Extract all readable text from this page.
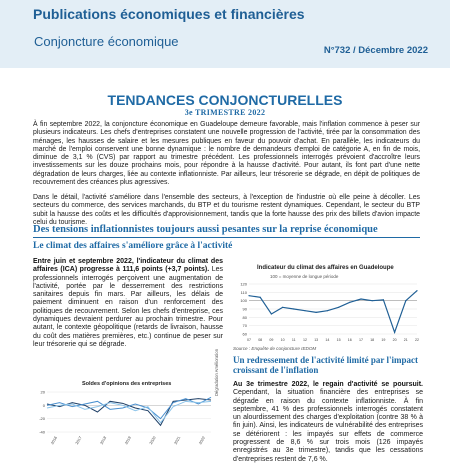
Publications économiques et financières
Conjoncture économique
N°732 / Décembre 2022
TENDANCES CONJONCTURELLES
3e TRIMESTRE 2022

À fin septembre 2022, la conjoncture économique en Guadeloupe demeure favorable, mais l'inflation commence à peser sur plusieurs indicateurs. Les chefs d'entreprises constatent une nouvelle progression de l'activité, tirée par la consommation des ménages, les hausses de salaire et les mesures publiques en faveur du pouvoir d'achat. En parallèle, les indicateurs du marché de l'emploi conservent une bonne dynamique : le nombre de demandeurs d'emploi de catégorie A, en fin de mois, diminue de 3,1 % (CVS) par rapport au trimestre précédent. Les professionnels interrogés prévoient d'accroître leurs investissements sur les douze prochains mois, pour répondre à la hausse d'activité. Pour autant, ils font part d'une nette dégradation de leurs charges, liée au contexte inflationniste. Par ailleurs, leur trésorerie se dégrade, en dépit de politiques de recouvrement des créances plus agressives.

Dans le détail, l'activité s'améliore dans l'ensemble des secteurs, à l'exception de l'industrie où elle peine à décoller. Les secteurs du commerce, des services marchands, du BTP et du tourisme restent dynamiques. Cependant, le secteur du BTP subit la hausse des coûts et les difficultés d'approvisionnement, tandis que la forte hausse des prix des billets d'avion impacte celui du tourisme.

Des tensions inflationnistes toujours aussi pesantes sur la reprise économique
Le climat des affaires s'améliore grâce à l'activité

Entre juin et septembre 2022, l'indicateur du climat des affaires (ICA) progresse à 111,6 points (+3,7 points). Les professionnels interrogés perçoivent une augmentation de l'activité, portée par le desserrement des restrictions sanitaires depuis fin mars. Par ailleurs, les délais de paiement diminuent en raison d'un renforcement des politiques de recouvrement. Selon les chefs d'entreprise, ces dynamiques devraient perdurer au prochain trimestre. Pour autant, le contexte géopolitique (retards de livraison, hausse du coût des matières premières, etc.) continue de peser sur leur trésorerie qui se dégrade.

Indicateur du climat des affaires en Guadeloupe
100 = moyenne de longue période
60
70
80
90
100
110
120
07 08 09 10 11 12 13 14 15 16 17 18 19 20 21 22
Source : Enquête de conjoncture IEDOM
Un redressement de l'activité limité par l'impact croissant de l'inflation

Au 3e trimestre 2022, le regain d'activité se poursuit. Cependant, la situation financière des entreprises se dégrade en raison du contexte inflationniste. À fin septembre, 41 % des professionnels interrogés constatent un alourdissement des charges d'exploitation (contre 38 % à fin juin). Ainsi, les indicateurs de vulnérabilité des entreprises se détériorent : les impayés sur effets de commerce progressent de 8,6 % sur trois mois (126 impayés enregistrés au 3e trimestre), tandis que les cessations d'entreprises restent de 7,6 %.

Soldes d'opinions des entreprises
20
0
-20
-40
2016	2017	2018	2019	2020	2021	2022
Dégradation Amélioration
